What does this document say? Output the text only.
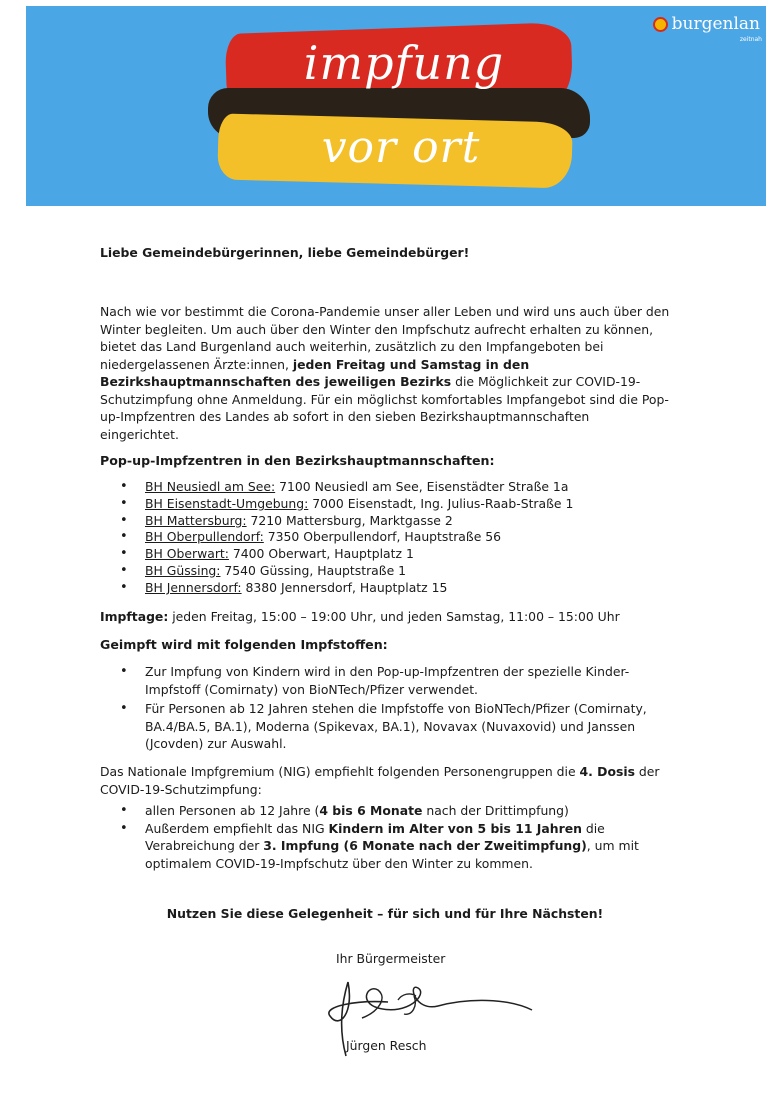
impfung
vor ort
burgenlan
zeitnah
Liebe Gemeindebürgerinnen, liebe Gemeindebürger!
Nach wie vor bestimmt die Corona-Pandemie unser aller Leben und wird uns auch über den Winter begleiten. Um auch über den Winter den Impfschutz aufrecht erhalten zu können, bietet das Land Burgenland auch weiterhin, zusätzlich zu den Impfangeboten bei niedergelassenen Ärzte:innen, jeden Freitag und Samstag in den Bezirkshauptmannschaften des jeweiligen Bezirks die Möglichkeit zur COVID-19-Schutzimpfung ohne Anmeldung. Für ein möglichst komfortables Impfangebot sind die Pop-up-Impfzentren des Landes ab sofort in den sieben Bezirkshauptmannschaften eingerichtet.
Pop-up-Impfzentren in den Bezirkshauptmannschaften:
• BH Neusiedl am See: 7100 Neusiedl am See, Eisenstädter Straße 1a
• BH Eisenstadt-Umgebung: 7000 Eisenstadt, Ing. Julius-Raab-Straße 1
• BH Mattersburg: 7210 Mattersburg, Marktgasse 2
• BH Oberpullendorf: 7350 Oberpullendorf, Hauptstraße 56
• BH Oberwart: 7400 Oberwart, Hauptplatz 1
• BH Güssing: 7540 Güssing, Hauptstraße 1
• BH Jennersdorf: 8380 Jennersdorf, Hauptplatz 15
Impftage: jeden Freitag, 15:00 – 19:00 Uhr, und jeden Samstag, 11:00 – 15:00 Uhr
Geimpft wird mit folgenden Impfstoffen:
• Zur Impfung von Kindern wird in den Pop-up-Impfzentren der spezielle Kinder-Impfstoff (Comirnaty) von BioNTech/Pfizer verwendet.
• Für Personen ab 12 Jahren stehen die Impfstoffe von BioNTech/Pfizer (Comirnaty, BA.4/BA.5, BA.1), Moderna (Spikevax, BA.1), Novavax (Nuvaxovid) und Janssen (Jcovden) zur Auswahl.
Das Nationale Impfgremium (NIG) empfiehlt folgenden Personengruppen die 4. Dosis der COVID-19-Schutzimpfung:
• allen Personen ab 12 Jahre (4 bis 6 Monate nach der Drittimpfung)
• Außerdem empfiehlt das NIG Kindern im Alter von 5 bis 11 Jahren die Verabreichung der 3. Impfung (6 Monate nach der Zweitimpfung), um mit optimalem COVID-19-Impfschutz über den Winter zu kommen.
Nutzen Sie diese Gelegenheit – für sich und für Ihre Nächsten!
Ihr Bürgermeister
Jürgen Resch
